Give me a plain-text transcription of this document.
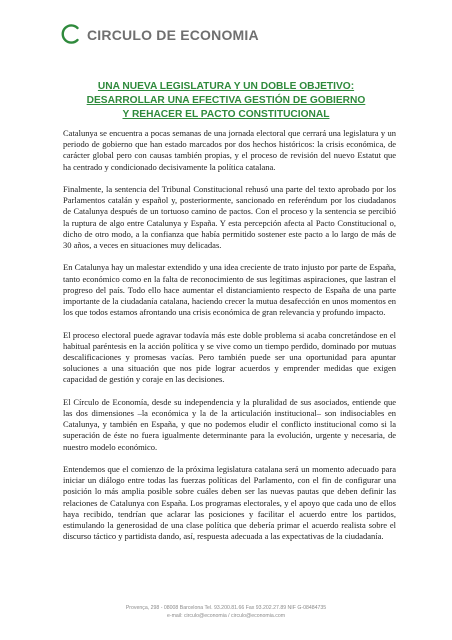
CIRCULO DE ECONOMIA
UNA NUEVA LEGISLATURA Y UN DOBLE OBJETIVO:
DESARROLLAR UNA EFECTIVA GESTIÓN DE GOBIERNO
Y REHACER EL PACTO CONSTITUCIONAL

Catalunya se encuentra a pocas semanas de una jornada electoral que cerrará una legislatura y un periodo de gobierno que han estado marcados por dos hechos históricos: la crisis económica, de carácter global pero con causas también propias, y el proceso de revisión del nuevo Estatut que ha centrado y condicionado decisivamente la política catalana.

Finalmente, la sentencia del Tribunal Constitucional rehusó una parte del texto aprobado por los Parlamentos catalán y español y, posteriormente, sancionado en referéndum por los ciudadanos de Catalunya después de un tortuoso camino de pactos. Con el proceso y la sentencia se percibió la ruptura de algo entre Catalunya y España. Y esta percepción afecta al Pacto Constitucional o, dicho de otro modo, a la confianza que había permitido sostener este pacto a lo largo de más de 30 años, a veces en situaciones muy delicadas.

En Catalunya hay un malestar extendido y una idea creciente de trato injusto por parte de España, tanto económico como en la falta de reconocimiento de sus legítimas aspiraciones, que lastran el progreso del país. Todo ello hace aumentar el distanciamiento respecto de España de una parte importante de la ciudadanía catalana, haciendo crecer la mutua desafección en unos momentos en los que todos estamos afrontando una crisis económica de gran relevancia y profundo impacto.

El proceso electoral puede agravar todavía más este doble problema si acaba concretándose en el habitual paréntesis en la acción política y se vive como un tiempo perdido, dominado por mutuas descalificaciones y promesas vacías. Pero también puede ser una oportunidad para apuntar soluciones a una situación que nos pide lograr acuerdos y emprender medidas que exigen capacidad de gestión y coraje en las decisiones.

El Círculo de Economía, desde su independencia y la pluralidad de sus asociados, entiende que las dos dimensiones –la económica y la de la articulación institucional– son indisociables en Catalunya, y también en España, y que no podemos eludir el conflicto institucional como si la superación de éste no fuera igualmente determinante para la evolución, urgente y necesaria, de nuestro modelo económico.

Entendemos que el comienzo de la próxima legislatura catalana será un momento adecuado para iniciar un diálogo entre todas las fuerzas políticas del Parlamento, con el fin de configurar una posición lo más amplia posible sobre cuáles deben ser las nuevas pautas que deben definir las relaciones de Catalunya con España. Los programas electorales, y el apoyo que cada uno de ellos haya recibido, tendrían que aclarar las posiciones y facilitar el acuerdo entre los partidos, estimulando la generosidad de una clase política que debería primar el acuerdo realista sobre el discurso táctico y partidista dando, así, respuesta adecuada a las expectativas de la ciudadanía.

Provença, 298 - 08008 Barcelona Tel. 93.200.81.66 Fax 93.202.27.89 NIF G-08484735
e-mail: circulo@economia / circulo@economia.com
